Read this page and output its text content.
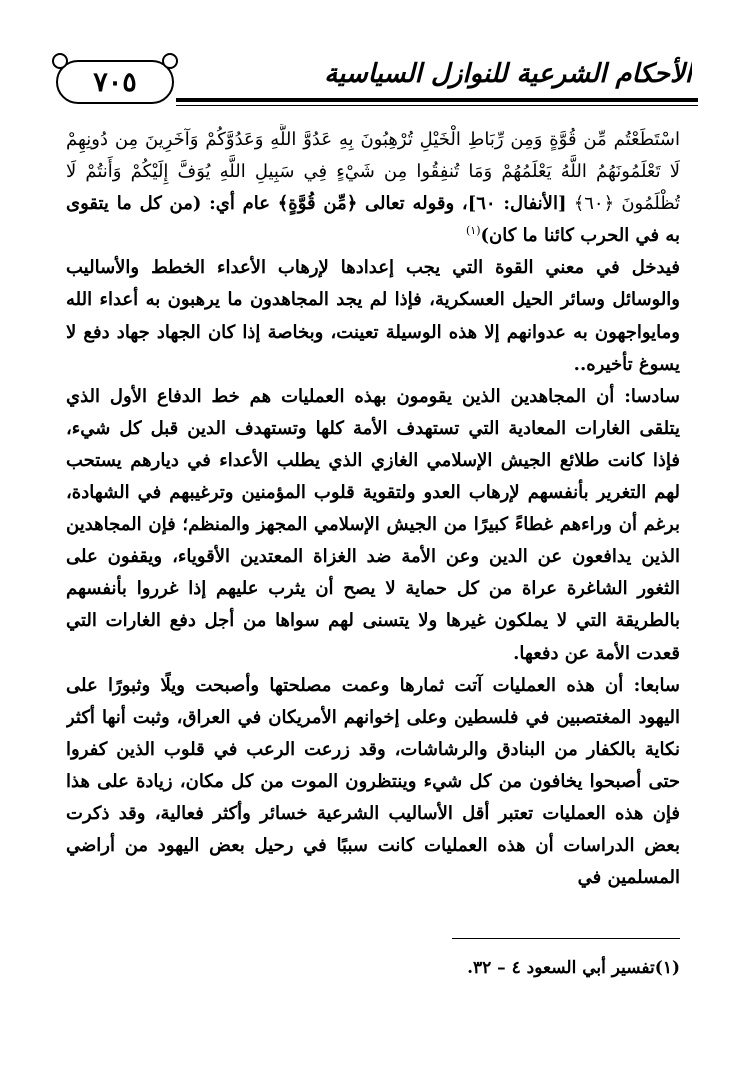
٧٠٥	الأحكام الشرعية للنوازل السياسية

اسْتَطَعْتُم مِّن قُوَّةٍ وَمِن رِّبَاطِ الْخَيْلِ تُرْهِبُونَ بِهِ عَدُوَّ اللَّهِ وَعَدُوَّكُمْ وَآخَرِينَ مِن دُونِهِمْ لَا تَعْلَمُونَهُمُ اللَّهُ يَعْلَمُهُمْ وَمَا تُنفِقُوا مِن شَيْءٍ فِي سَبِيلِ اللَّهِ يُوَفَّ إِلَيْكُمْ وَأَنتُمْ لَا تُظْلَمُونَ ﴿٦٠﴾ [الأنفال: ٦٠]، وقوله تعالى ﴿مِّن قُوَّةٍ﴾ عام أي: (من كل ما يتقوى به في الحرب كائنا ما كان)$^{(١)}$

فيدخل في معني القوة التي يجب إعدادها لإرهاب الأعداء الخطط والأساليب والوسائل وسائر الحيل العسكرية، فإذا لم يجد المجاهدون ما يرهبون به أعداء الله ومايواجهون به عدوانهم إلا هذه الوسيلة تعينت، وبخاصة إذا كان الجهاد جهاد دفع لا يسوغ تأخيره..

سادسا: أن المجاهدين الذين يقومون بهذه العمليات هم خط الدفاع الأول الذي يتلقى الغارات المعادية التي تستهدف الأمة كلها وتستهدف الدين قبل كل شيء، فإذا كانت طلائع الجيش الإسلامي الغازي الذي يطلب الأعداء في ديارهم يستحب لهم التغرير بأنفسهم لإرهاب العدو ولتقوية قلوب المؤمنين وترغيبهم في الشهادة، برغم أن وراءهم غطاءً كبيرًا من الجيش الإسلامي المجهز والمنظم؛ فإن المجاهدين الذين يدافعون عن الدين وعن الأمة ضد الغزاة المعتدين الأقوياء، ويقفون على الثغور الشاغرة عراة من كل حماية لا يصح أن يثرب عليهم إذا غرروا بأنفسهم بالطريقة التي لا يملكون غيرها ولا يتسنى لهم سواها من أجل دفع الغارات التي قعدت الأمة عن دفعها.

سابعا: أن هذه العمليات آتت ثمارها وعمت مصلحتها وأصبحت ويلًا وثبورًا على اليهود المغتصبين في فلسطين وعلى إخوانهم الأمريكان في العراق، وثبت أنها أكثر نكاية بالكفار من البنادق والرشاشات، وقد زرعت الرعب في قلوب الذين كفروا حتى أصبحوا يخافون من كل شيء وينتظرون الموت من كل مكان، زيادة على هذا فإن هذه العمليات تعتبر أقل الأساليب الشرعية خسائر وأكثر فعالية، وقد ذكرت بعض الدراسات أن هذه العمليات كانت سببًا في رحيل بعض اليهود من أراضي المسلمين في

(١)تفسير أبي السعود ٤ – ٣٢.
